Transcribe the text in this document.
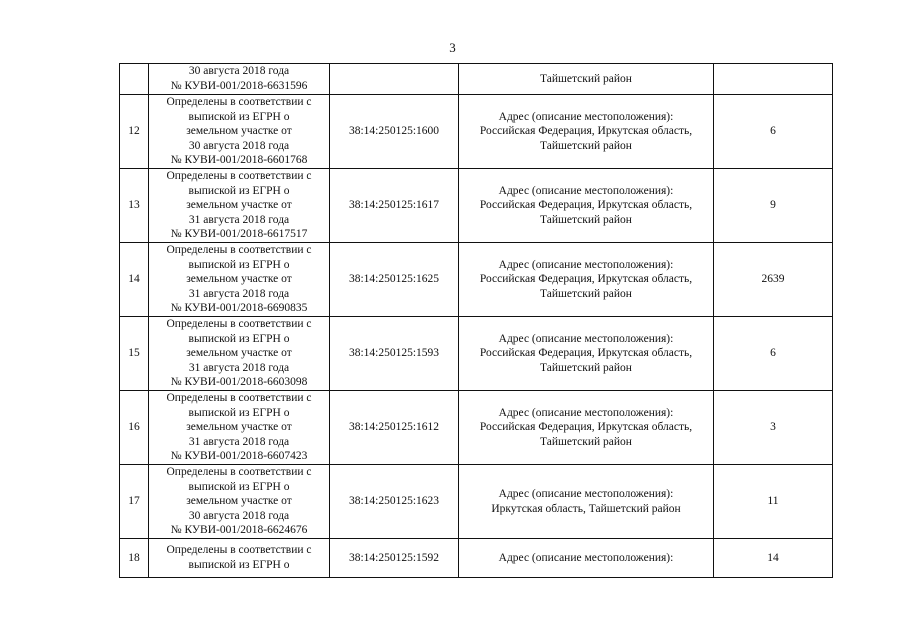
3

	30 августа 2018 года
№ КУВИ-001/2018-6631596		Тайшетский район	

12	Определены в соответствии с
выпиской из ЕГРН о
земельном участке от
30 августа 2018 года
№ КУВИ-001/2018-6601768	38:14:250125:1600	Адрес (описание местоположения):
Российская Федерация, Иркутская область,
Тайшетский район	6
13	Определены в соответствии с
выпиской из ЕГРН о
земельном участке от
31 августа 2018 года
№ КУВИ-001/2018-6617517	38:14:250125:1617	Адрес (описание местоположения):
Российская Федерация, Иркутская область,
Тайшетский район	9
14	Определены в соответствии с
выпиской из ЕГРН о
земельном участке от
31 августа 2018 года
№ КУВИ-001/2018-6690835	38:14:250125:1625	Адрес (описание местоположения):
Российская Федерация, Иркутская область,
Тайшетский район	2639
15	Определены в соответствии с
выпиской из ЕГРН о
земельном участке от
31 августа 2018 года
№ КУВИ-001/2018-6603098	38:14:250125:1593	Адрес (описание местоположения):
Российская Федерация, Иркутская область,
Тайшетский район	6
16	Определены в соответствии с
выпиской из ЕГРН о
земельном участке от
31 августа 2018 года
№ КУВИ-001/2018-6607423	38:14:250125:1612	Адрес (описание местоположения):
Российская Федерация, Иркутская область,
Тайшетский район	3
17	Определены в соответствии с
выпиской из ЕГРН о
земельном участке от
30 августа 2018 года
№ КУВИ-001/2018-6624676	38:14:250125:1623	Адрес (описание местоположения):
Иркутская область, Тайшетский район	11
18	Определены в соответствии с
выпиской из ЕГРН о	38:14:250125:1592	Адрес (описание местоположения):	14
